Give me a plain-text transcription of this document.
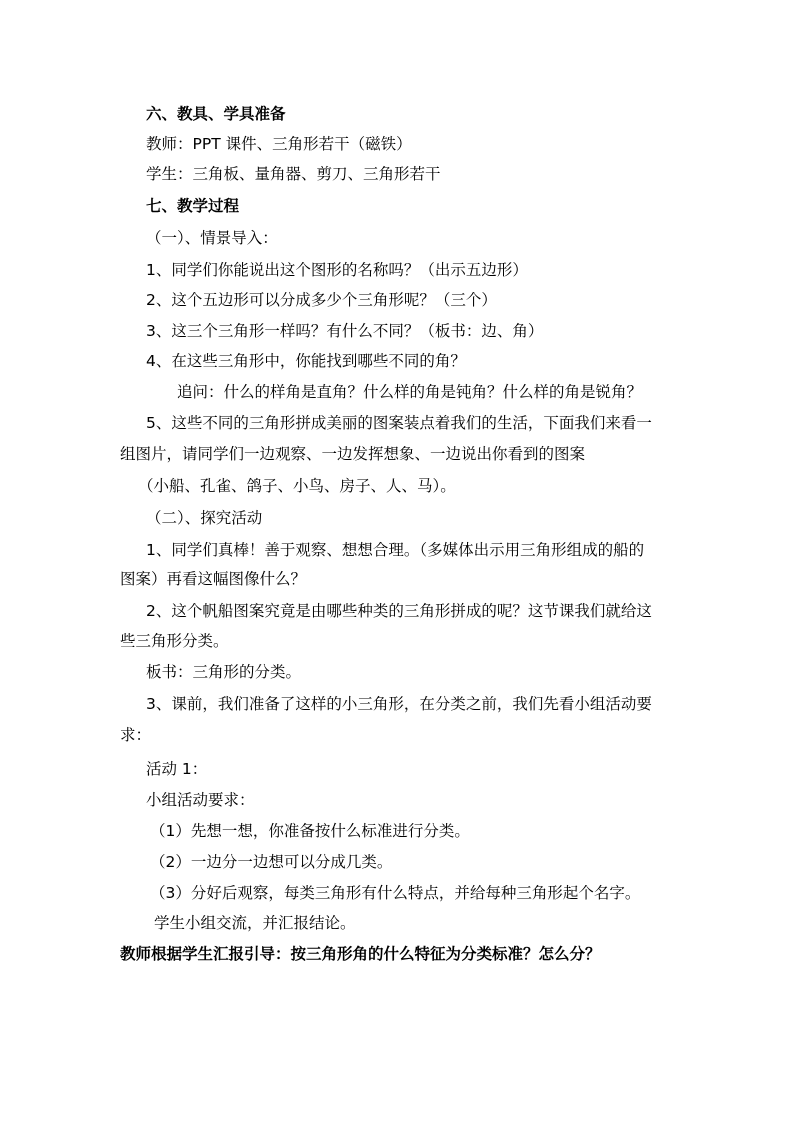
六、教具、学具准备
教师：PPT 课件、三角形若干（磁铁）
学生：三角板、量角器、剪刀、三角形若干
七、教学过程
（一）、情景导入：
1、同学们你能说出这个图形的名称吗？（出示五边形）
2、这个五边形可以分成多少个三角形呢？（三个）
3、这三个三角形一样吗？有什么不同？（板书：边、角）
4、在这些三角形中，你能找到哪些不同的角？
追问：什么的样角是直角？什么样的角是钝角？什么样的角是锐角？
5、这些不同的三角形拼成美丽的图案装点着我们的生活，下面我们来看一
组图片，请同学们一边观察、一边发挥想象、一边说出你看到的图案
（小船、孔雀、鸽子、小鸟、房子、人、马）。
（二）、探究活动
1、同学们真棒！善于观察、想想合理。（多媒体出示用三角形组成的船的
图案）再看这幅图像什么？
2、这个帆船图案究竟是由哪些种类的三角形拼成的呢？这节课我们就给这
些三角形分类。
板书：三角形的分类。
3、课前，我们准备了这样的小三角形，在分类之前，我们先看小组活动要
求：
活动 1：
小组活动要求：
（1）先想一想，你准备按什么标准进行分类。
（2）一边分一边想可以分成几类。
（3）分好后观察，每类三角形有什么特点，并给每种三角形起个名字。
学生小组交流，并汇报结论。
教师根据学生汇报引导：按三角形角的什么特征为分类标准？怎么分？
